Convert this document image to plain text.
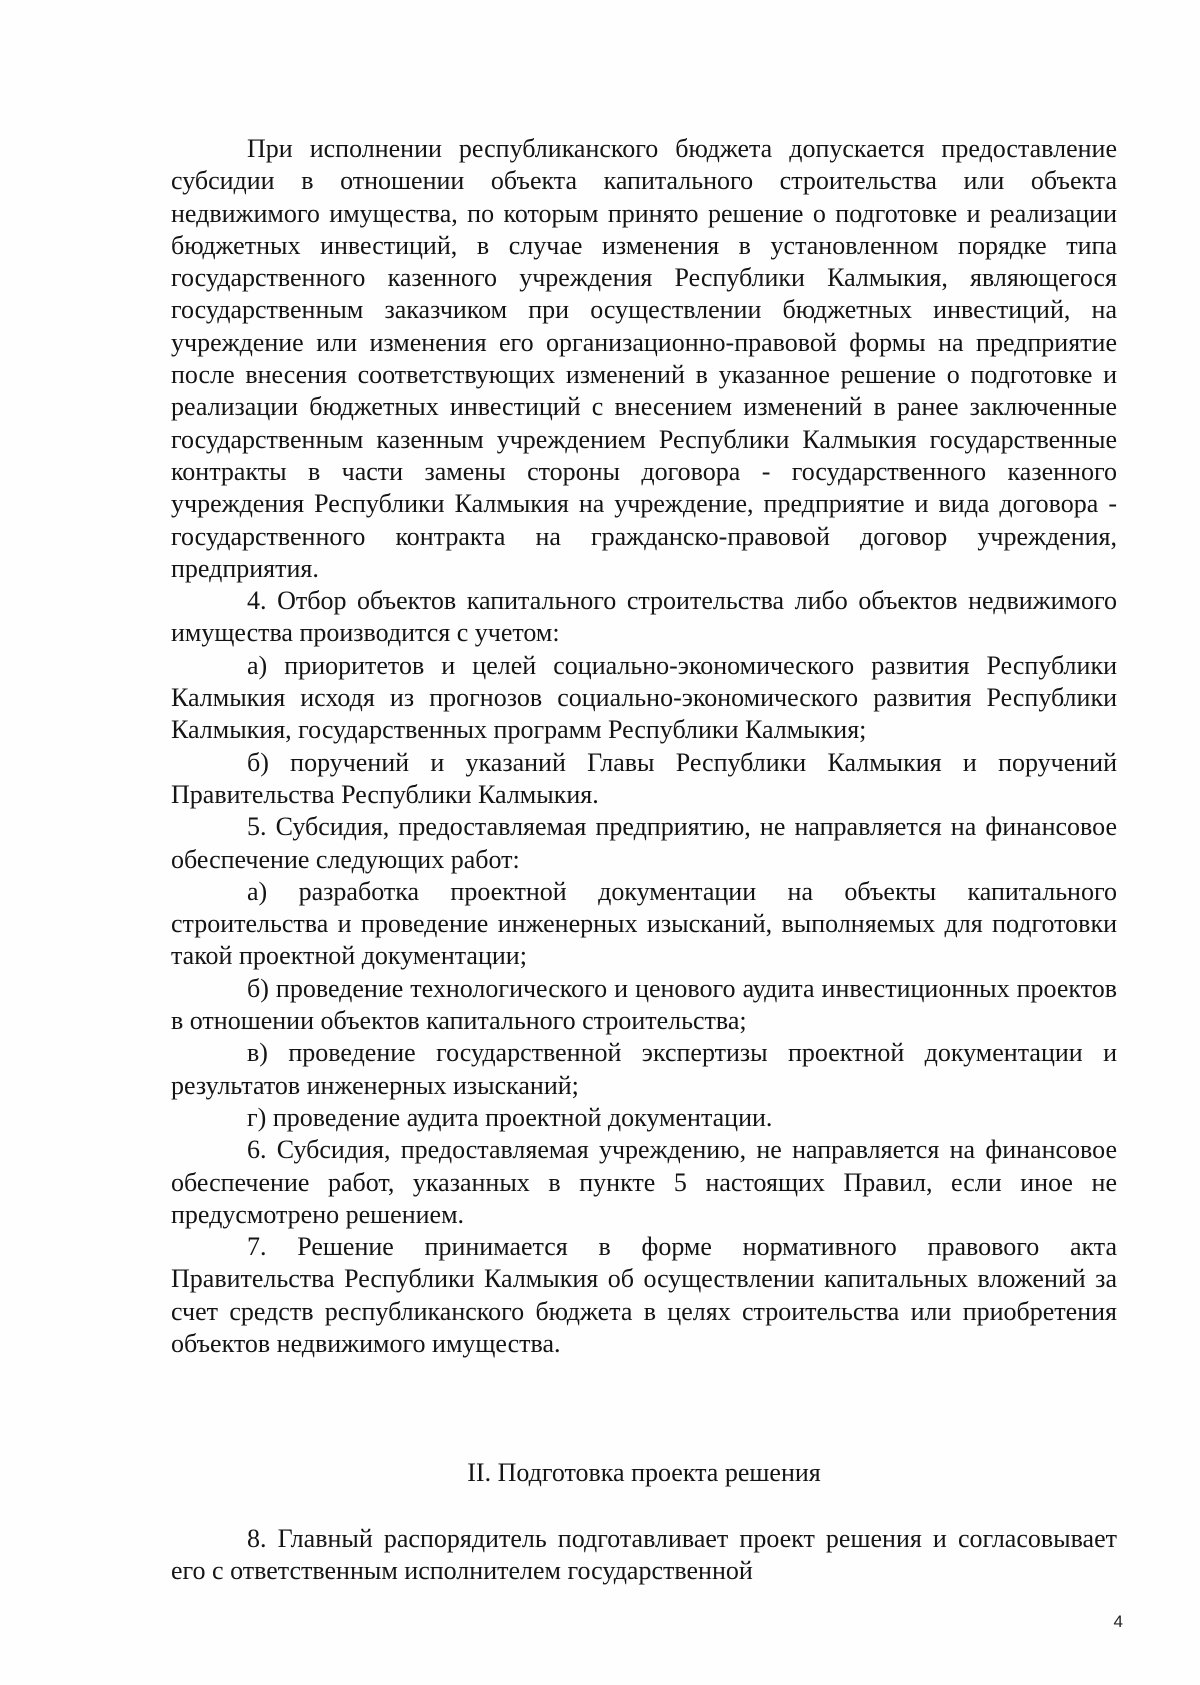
При исполнении республиканского бюджета допускается предоставление субсидии в отношении объекта капитального строительства или объекта недвижимого имущества, по которым принято решение о подготовке и реализации бюджетных инвестиций, в случае изменения в установленном порядке типа государственного казенного учреждения Республики Калмыкия, являющегося государственным заказчиком при осуществлении бюджетных инвестиций, на учреждение или изменения его организационно-правовой формы на предприятие после внесения соответствующих изменений в указанное решение о подготовке и реализации бюджетных инвестиций с внесением изменений в ранее заключенные государственным казенным учреждением Республики Калмыкия государственные контракты в части замены стороны договора - государственного казенного учреждения Республики Калмыкия на учреждение, предприятие и вида договора - государственного контракта на гражданско-правовой договор учреждения, предприятия.

4. Отбор объектов капитального строительства либо объектов недвижимого имущества производится с учетом:

а) приоритетов и целей социально-экономического развития Республики Калмыкия исходя из прогнозов социально-экономического развития Республики Калмыкия, государственных программ Республики Калмыкия;

б) поручений и указаний Главы Республики Калмыкия и поручений Правительства Республики Калмыкия.

5. Субсидия, предоставляемая предприятию, не направляется на финансовое обеспечение следующих работ:

а) разработка проектной документации на объекты капитального строительства и проведение инженерных изысканий, выполняемых для подготовки такой проектной документации;

б) проведение технологического и ценового аудита инвестиционных проектов в отношении объектов капитального строительства;

в) проведение государственной экспертизы проектной документации и результатов инженерных изысканий;

г) проведение аудита проектной документации.

6. Субсидия, предоставляемая учреждению, не направляется на финансовое обеспечение работ, указанных в пункте 5 настоящих Правил, если иное не предусмотрено решением.

7. Решение принимается в форме нормативного правового акта Правительства Республики Калмыкия об осуществлении капитальных вложений за счет средств республиканского бюджета в целях строительства или приобретения объектов недвижимого имущества.

II. Подготовка проекта решения

8. Главный распорядитель подготавливает проект решения и согласовывает его с ответственным исполнителем государственной

4
